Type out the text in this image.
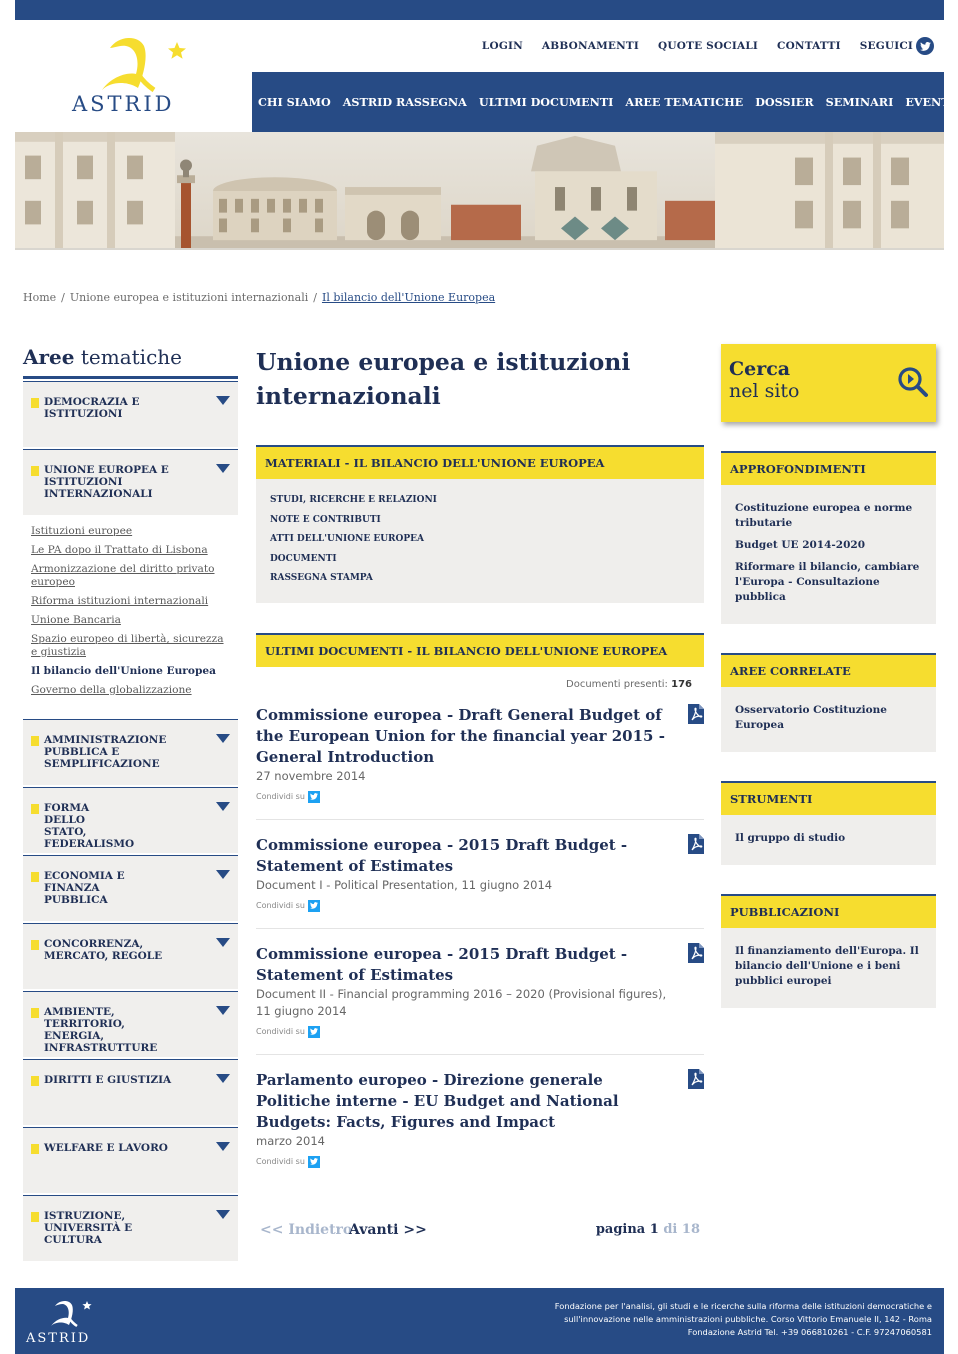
ASTRID
LOGIN ABBONAMENTI QUOTE SOCIALI CONTATTI SEGUICI
CHI SIAMO ASTRID RASSEGNA ULTIMI DOCUMENTI AREE TEMATICHE DOSSIER SEMINARI EVENTI
Home / Unione europea e istituzioni internazionali / Il bilancio dell'Unione Europea
Aree tematiche
DEMOCRAZIA E ISTITUZIONI
UNIONE EUROPEA E ISTITUZIONI INTERNAZIONALI
Istituzioni europee
Le PA dopo il Trattato di Lisbona
Armonizzazione del diritto privato europeo
Riforma istituzioni internazionali
Unione Bancaria
Spazio europeo di libertà, sicurezza e giustizia
Il bilancio dell'Unione Europea
Governo della globalizzazione
AMMINISTRAZIONE PUBBLICA E SEMPLIFICAZIONE
FORMA DELLO STATO, FEDERALISMO
ECONOMIA E FINANZA PUBBLICA
CONCORRENZA, MERCATO, REGOLE
AMBIENTE, TERRITORIO, ENERGIA, INFRASTRUTTURE
DIRITTI E GIUSTIZIA
WELFARE E LAVORO
ISTRUZIONE, UNIVERSITÀ E CULTURA
Unione europea e istituzioni internazionali
MATERIALI - IL BILANCIO DELL'UNIONE EUROPEA
STUDI, RICERCHE E RELAZIONI
NOTE E CONTRIBUTI
ATTI DELL'UNIONE EUROPEA
DOCUMENTI
RASSEGNA STAMPA
ULTIMI DOCUMENTI - IL BILANCIO DELL'UNIONE EUROPEA
Documenti presenti: 176
Commissione europea - Draft General Budget of the European Union for the financial year 2015 - General Introduction
27 novembre 2014
Condividi su
Commissione europea - 2015 Draft Budget - Statement of Estimates
Document I - Political Presentation, 11 giugno 2014
Condividi su
Commissione europea - 2015 Draft Budget - Statement of Estimates
Document II - Financial programming 2016 – 2020 (Provisional figures), 11 giugno 2014
Condividi su
Parlamento europeo - Direzione generale Politiche interne - EU Budget and National Budgets: Facts, Figures and Impact
marzo 2014
Condividi su
<< Indietro
Avanti >>	pagina 1 di 18
Cerca
nel sito
APPROFONDIMENTI
Costituzione europea e norme tributarie
Budget UE 2014-2020
Riformare il bilancio, cambiare l'Europa - Consultazione pubblica
AREE CORRELATE
Osservatorio Costituzione Europea
STRUMENTI
Il gruppo di studio
PUBBLICAZIONI
Il finanziamento dell'Europa. Il bilancio dell'Unione e i beni pubblici europei
ASTRID
Fondazione per l'analisi, gli studi e le ricerche sulla riforma delle istituzioni democratiche e
sull'innovazione nelle amministrazioni pubbliche. Corso Vittorio Emanuele II, 142 - Roma
Fondazione Astrid Tel. +39 066810261 - C.F. 97247060581
